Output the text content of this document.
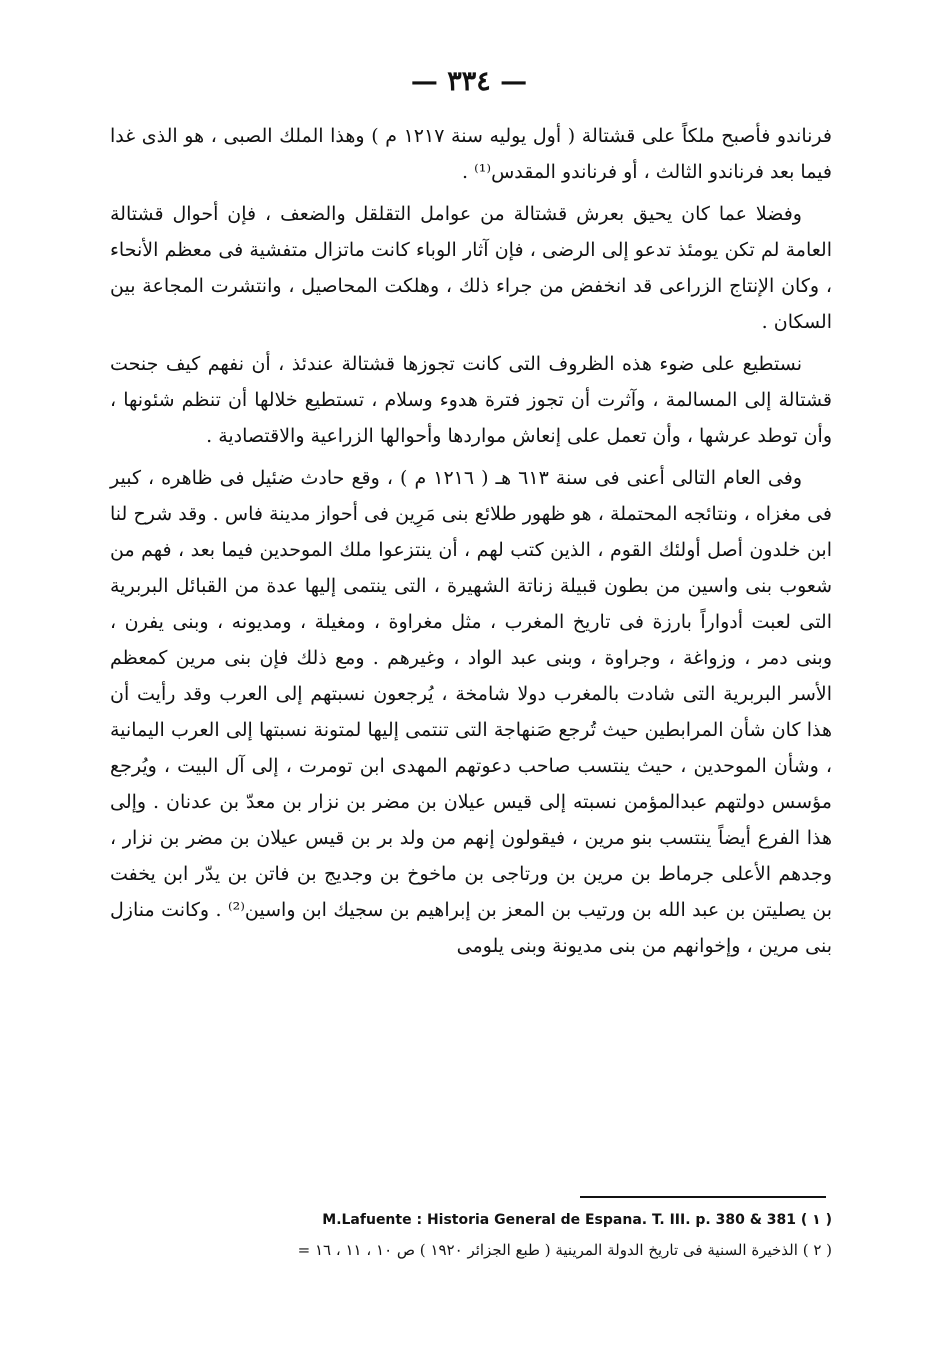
— ٣٣٤ —

فرناندو فأصبح ملكاً على قشتالة ( أول يوليه سنة ١٢١٧ م ) وهذا الملك الصبى ، هو الذى غدا فيما بعد فرناندو الثالث ، أو فرناندو المقدس⁽¹⁾ .

وفضلا عما كان يحيق بعرش قشتالة من عوامل التقلقل والضعف ، فإن أحوال قشتالة العامة لم تكن يومئذ تدعو إلى الرضى ، فإن آثار الوباء كانت ماتزال متفشية فى معظم الأنحاء ، وكان الإنتاج الزراعى قد انخفض من جراء ذلك ، وهلكت المحاصيل ، وانتشرت المجاعة بين السكان .

نستطيع على ضوء هذه الظروف التى كانت تجوزها قشتالة عندئذ ، أن نفهم كيف جنحت قشتالة إلى المسالمة ، وآثرت أن تجوز فترة هدوء وسلام ، تستطيع خلالها أن تنظم شئونها ، وأن توطد عرشها ، وأن تعمل على إنعاش مواردها وأحوالها الزراعية والاقتصادية .

وفى العام التالى أعنى فى سنة ٦١٣ هـ ( ١٢١٦ م ) ، وقع حادث ضئيل فى ظاهره ، كبير فى مغزاه ، ونتائجه المحتملة ، هو ظهور طلائع بنى مَرِين فى أحواز مدينة فاس . وقد شرح لنا ابن خلدون أصل أولئك القوم ، الذين كتب لهم ، أن ينتزعوا ملك الموحدين فيما بعد ، فهم من شعوب بنى واسين من بطون قبيلة زناتة الشهيرة ، التى ينتمى إليها عدة من القبائل البربرية التى لعبت أدواراً بارزة فى تاريخ المغرب ، مثل مغراوة ، ومغيلة ، ومديونه ، وبنى يفرن ، وبنى دمر ، وزواغة ، وجراوة ، وبنى عبد الواد ، وغيرهم . ومع ذلك فإن بنى مرين كمعظم الأسر البربرية التى شادت بالمغرب دولا شامخة ، يُرجعون نسبتهم إلى العرب وقد رأيت أن هذا كان شأن المرابطين حيث تُرجع صَنهاجة التى تنتمى إليها لمتونة نسبتها إلى العرب اليمانية ، وشأن الموحدين ، حيث ينتسب صاحب دعوتهم المهدى ابن تومرت ، إلى آل البيت ، ويُرجع مؤسس دولتهم عبدالمؤمن نسبته إلى قيس عيلان بن مضر بن نزار بن معدّ بن عدنان . وإلى هذا الفرع أيضاً ينتسب بنو مرين ، فيقولون إنهم من ولد بر بن قيس عيلان بن مضر بن نزار ، وجدهم الأعلى جرماط بن مرين بن ورتاجى بن ماخوخ بن وجديج بن فاتن بن يدّر ابن يخفت بن يصليتن بن عبد الله بن ورتيب بن المعز بن إبراهيم بن سجيك ابن واسين⁽²⁾ . وكانت منازل بنى مرين ، وإخوانهم من بنى مديونة وبنى يلومى

M.Lafuente : Historia General de Espana. T. III. p. 380 & 381 ( ١ )
( ٢ ) الذخيرة السنية فى تاريخ الدولة المرينية ( طبع الجزائر ١٩٢٠ ) ص ١٠ ، ١١ ، ١٦ =
